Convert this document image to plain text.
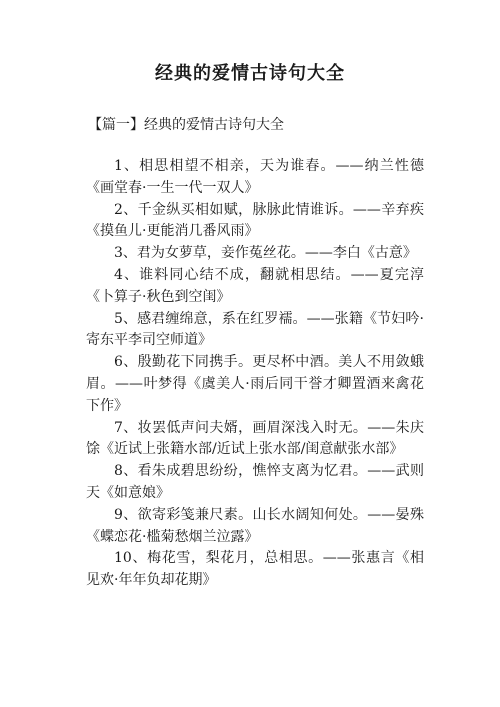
经典的爱情古诗句大全
【篇一】经典的爱情古诗句大全

1、相思相望不相亲，天为谁春。——纳兰性德《画堂春·一生一代一双人》

2、千金纵买相如赋，脉脉此情谁诉。——辛弃疾《摸鱼儿·更能消几番风雨》

3、君为女萝草，妾作菟丝花。——李白《古意》

4、谁料同心结不成，翻就相思结。——夏完淳《卜算子·秋色到空闺》

5、感君缠绵意，系在红罗襦。——张籍《节妇吟·寄东平李司空师道》

6、殷勤花下同携手。更尽杯中酒。美人不用敛蛾眉。——叶梦得《虞美人·雨后同干誉才卿置酒来禽花下作》

7、妆罢低声问夫婿，画眉深浅入时无。——朱庆馀《近试上张籍水部/近试上张水部/闺意献张水部》

8、看朱成碧思纷纷，憔悴支离为忆君。——武则天《如意娘》

9、欲寄彩笺兼尺素。山长水阔知何处。——晏殊《蝶恋花·槛菊愁烟兰泣露》

10、梅花雪，梨花月，总相思。——张惠言《相见欢·年年负却花期》
